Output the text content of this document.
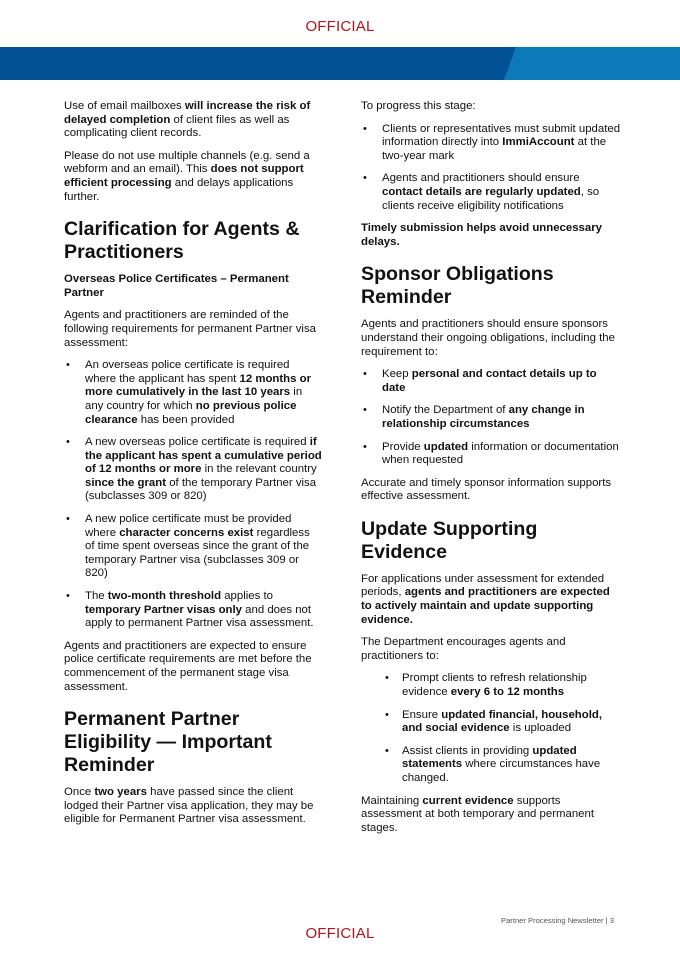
OFFICIAL

Use of email mailboxes will increase the risk of delayed completion of client files as well as complicating client records.

Please do not use multiple channels (e.g. send a webform and an email). This does not support efficient processing and delays applications further.

Clarification for Agents & Practitioners
Overseas Police Certificates – Permanent Partner

Agents and practitioners are reminded of the following requirements for permanent Partner visa assessment:

• An overseas police certificate is required where the applicant has spent 12 months or more cumulatively in the last 10 years in any country for which no previous police clearance has been provided
• A new overseas police certificate is required if the applicant has spent a cumulative period of 12 months or more in the relevant country since the grant of the temporary Partner visa (subclasses 309 or 820)
• A new police certificate must be provided where character concerns exist regardless of time spent overseas since the grant of the temporary Partner visa (subclasses 309 or 820)
• The two-month threshold applies to temporary Partner visas only and does not apply to permanent Partner visa assessment.

Agents and practitioners are expected to ensure police certificate requirements are met before the commencement of the permanent stage visa assessment.

Permanent Partner Eligibility — Important Reminder

Once two years have passed since the client lodged their Partner visa application, they may be eligible for Permanent Partner visa assessment.

To progress this stage:

• Clients or representatives must submit updated information directly into ImmiAccount at the two-year mark
• Agents and practitioners should ensure contact details are regularly updated, so clients receive eligibility notifications

Timely submission helps avoid unnecessary delays.

Sponsor Obligations Reminder

Agents and practitioners should ensure sponsors understand their ongoing obligations, including the requirement to:

• Keep personal and contact details up to date
• Notify the Department of any change in relationship circumstances
• Provide updated information or documentation when requested

Accurate and timely sponsor information supports effective assessment.

Update Supporting Evidence

For applications under assessment for extended periods, agents and practitioners are expected to actively maintain and update supporting evidence.

The Department encourages agents and practitioners to:

• Prompt clients to refresh relationship evidence every 6 to 12 months
• Ensure updated financial, household, and social evidence is uploaded
• Assist clients in providing updated statements where circumstances have changed.

Maintaining current evidence supports assessment at both temporary and permanent stages.

Partner Processing Newsletter | 3
OFFICIAL
